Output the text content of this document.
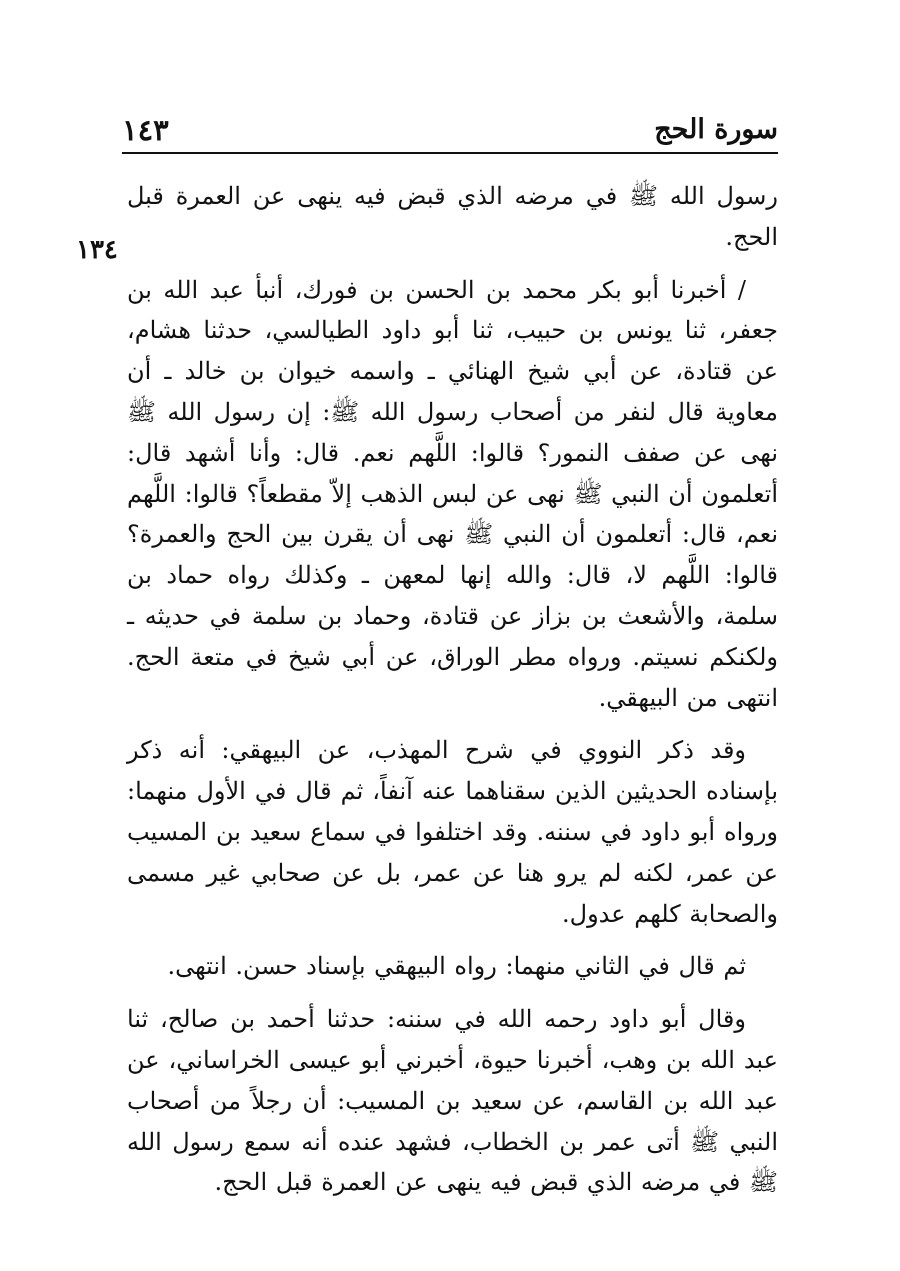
سورة الحج
١٤٣
١٣٤

رسول الله ﷺ في مرضه الذي قبض فيه ينهى عن العمرة قبل الحج.

/ أخبرنا أبو بكر محمد بن الحسن بن فورك، أنبأ عبد الله بن جعفر، ثنا يونس بن حبيب، ثنا أبو داود الطيالسي، حدثنا هشام، عن قتادة، عن أبي شيخ الهنائي ـ واسمه خيوان بن خالد ـ أن معاوية قال لنفر من أصحاب رسول الله ﷺ: إن رسول الله ﷺ نهى عن صفف النمور؟ قالوا: اللَّهم نعم. قال: وأنا أشهد قال: أتعلمون أن النبي ﷺ نهى عن لبس الذهب إلاّ مقطعاً؟ قالوا: اللَّهم نعم، قال: أتعلمون أن النبي ﷺ نهى أن يقرن بين الحج والعمرة؟ قالوا: اللَّهم لا، قال: والله إنها لمعهن ـ وكذلك رواه حماد بن سلمة، والأشعث بن بزاز عن قتادة، وحماد بن سلمة في حديثه ـ ولكنكم نسيتم. ورواه مطر الوراق، عن أبي شيخ في متعة الحج. انتهى من البيهقي.

وقد ذكر النووي في شرح المهذب، عن البيهقي: أنه ذكر بإسناده الحديثين الذين سقناهما عنه آنفاً، ثم قال في الأول منهما: ورواه أبو داود في سننه. وقد اختلفوا في سماع سعيد بن المسيب عن عمر، لكنه لم يرو هنا عن عمر، بل عن صحابي غير مسمى والصحابة كلهم عدول.

ثم قال في الثاني منهما: رواه البيهقي بإسناد حسن. انتهى.

وقال أبو داود رحمه الله في سننه: حدثنا أحمد بن صالح، ثنا عبد الله بن وهب، أخبرنا حيوة، أخبرني أبو عيسى الخراساني، عن عبد الله بن القاسم، عن سعيد بن المسيب: أن رجلاً من أصحاب النبي ﷺ أتى عمر بن الخطاب، فشهد عنده أنه سمع رسول الله ﷺ في مرضه الذي قبض فيه ينهى عن العمرة قبل الحج.
